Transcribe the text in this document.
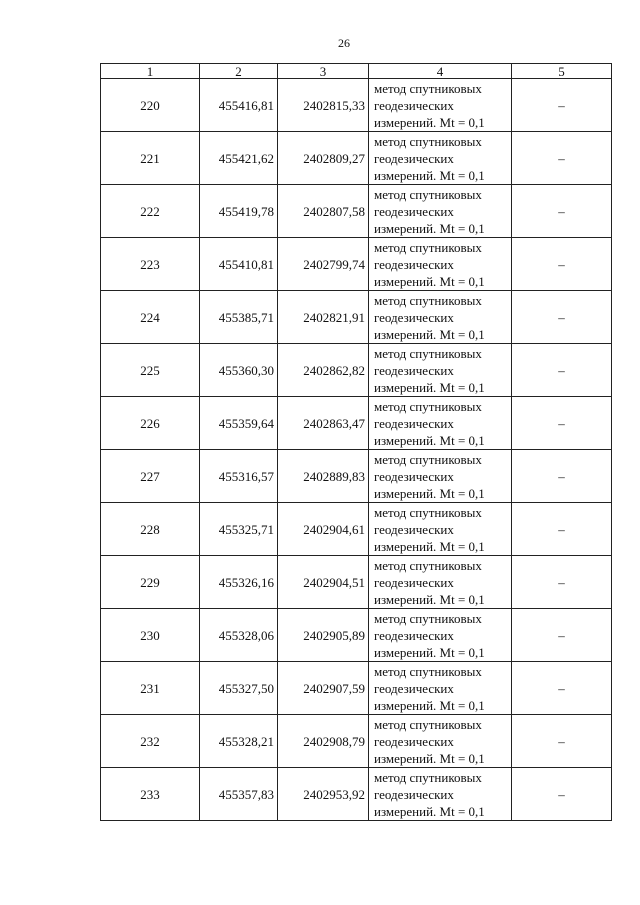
26
1	2	3	4	5
220	455416,81	2402815,33	метод спутниковых
геодезических
измерений. Mt = 0,1	–
221	455421,62	2402809,27	метод спутниковых
геодезических
измерений. Mt = 0,1	–
222	455419,78	2402807,58	метод спутниковых
геодезических
измерений. Mt = 0,1	–
223	455410,81	2402799,74	метод спутниковых
геодезических
измерений. Mt = 0,1	–
224	455385,71	2402821,91	метод спутниковых
геодезических
измерений. Mt = 0,1	–
225	455360,30	2402862,82	метод спутниковых
геодезических
измерений. Mt = 0,1	–
226	455359,64	2402863,47	метод спутниковых
геодезических
измерений. Mt = 0,1	–
227	455316,57	2402889,83	метод спутниковых
геодезических
измерений. Mt = 0,1	–
228	455325,71	2402904,61	метод спутниковых
геодезических
измерений. Mt = 0,1	–
229	455326,16	2402904,51	метод спутниковых
геодезических
измерений. Mt = 0,1	–
230	455328,06	2402905,89	метод спутниковых
геодезических
измерений. Mt = 0,1	–
231	455327,50	2402907,59	метод спутниковых
геодезических
измерений. Mt = 0,1	–
232	455328,21	2402908,79	метод спутниковых
геодезических
измерений. Mt = 0,1	–
233	455357,83	2402953,92	метод спутниковых
геодезических
измерений. Mt = 0,1	–
